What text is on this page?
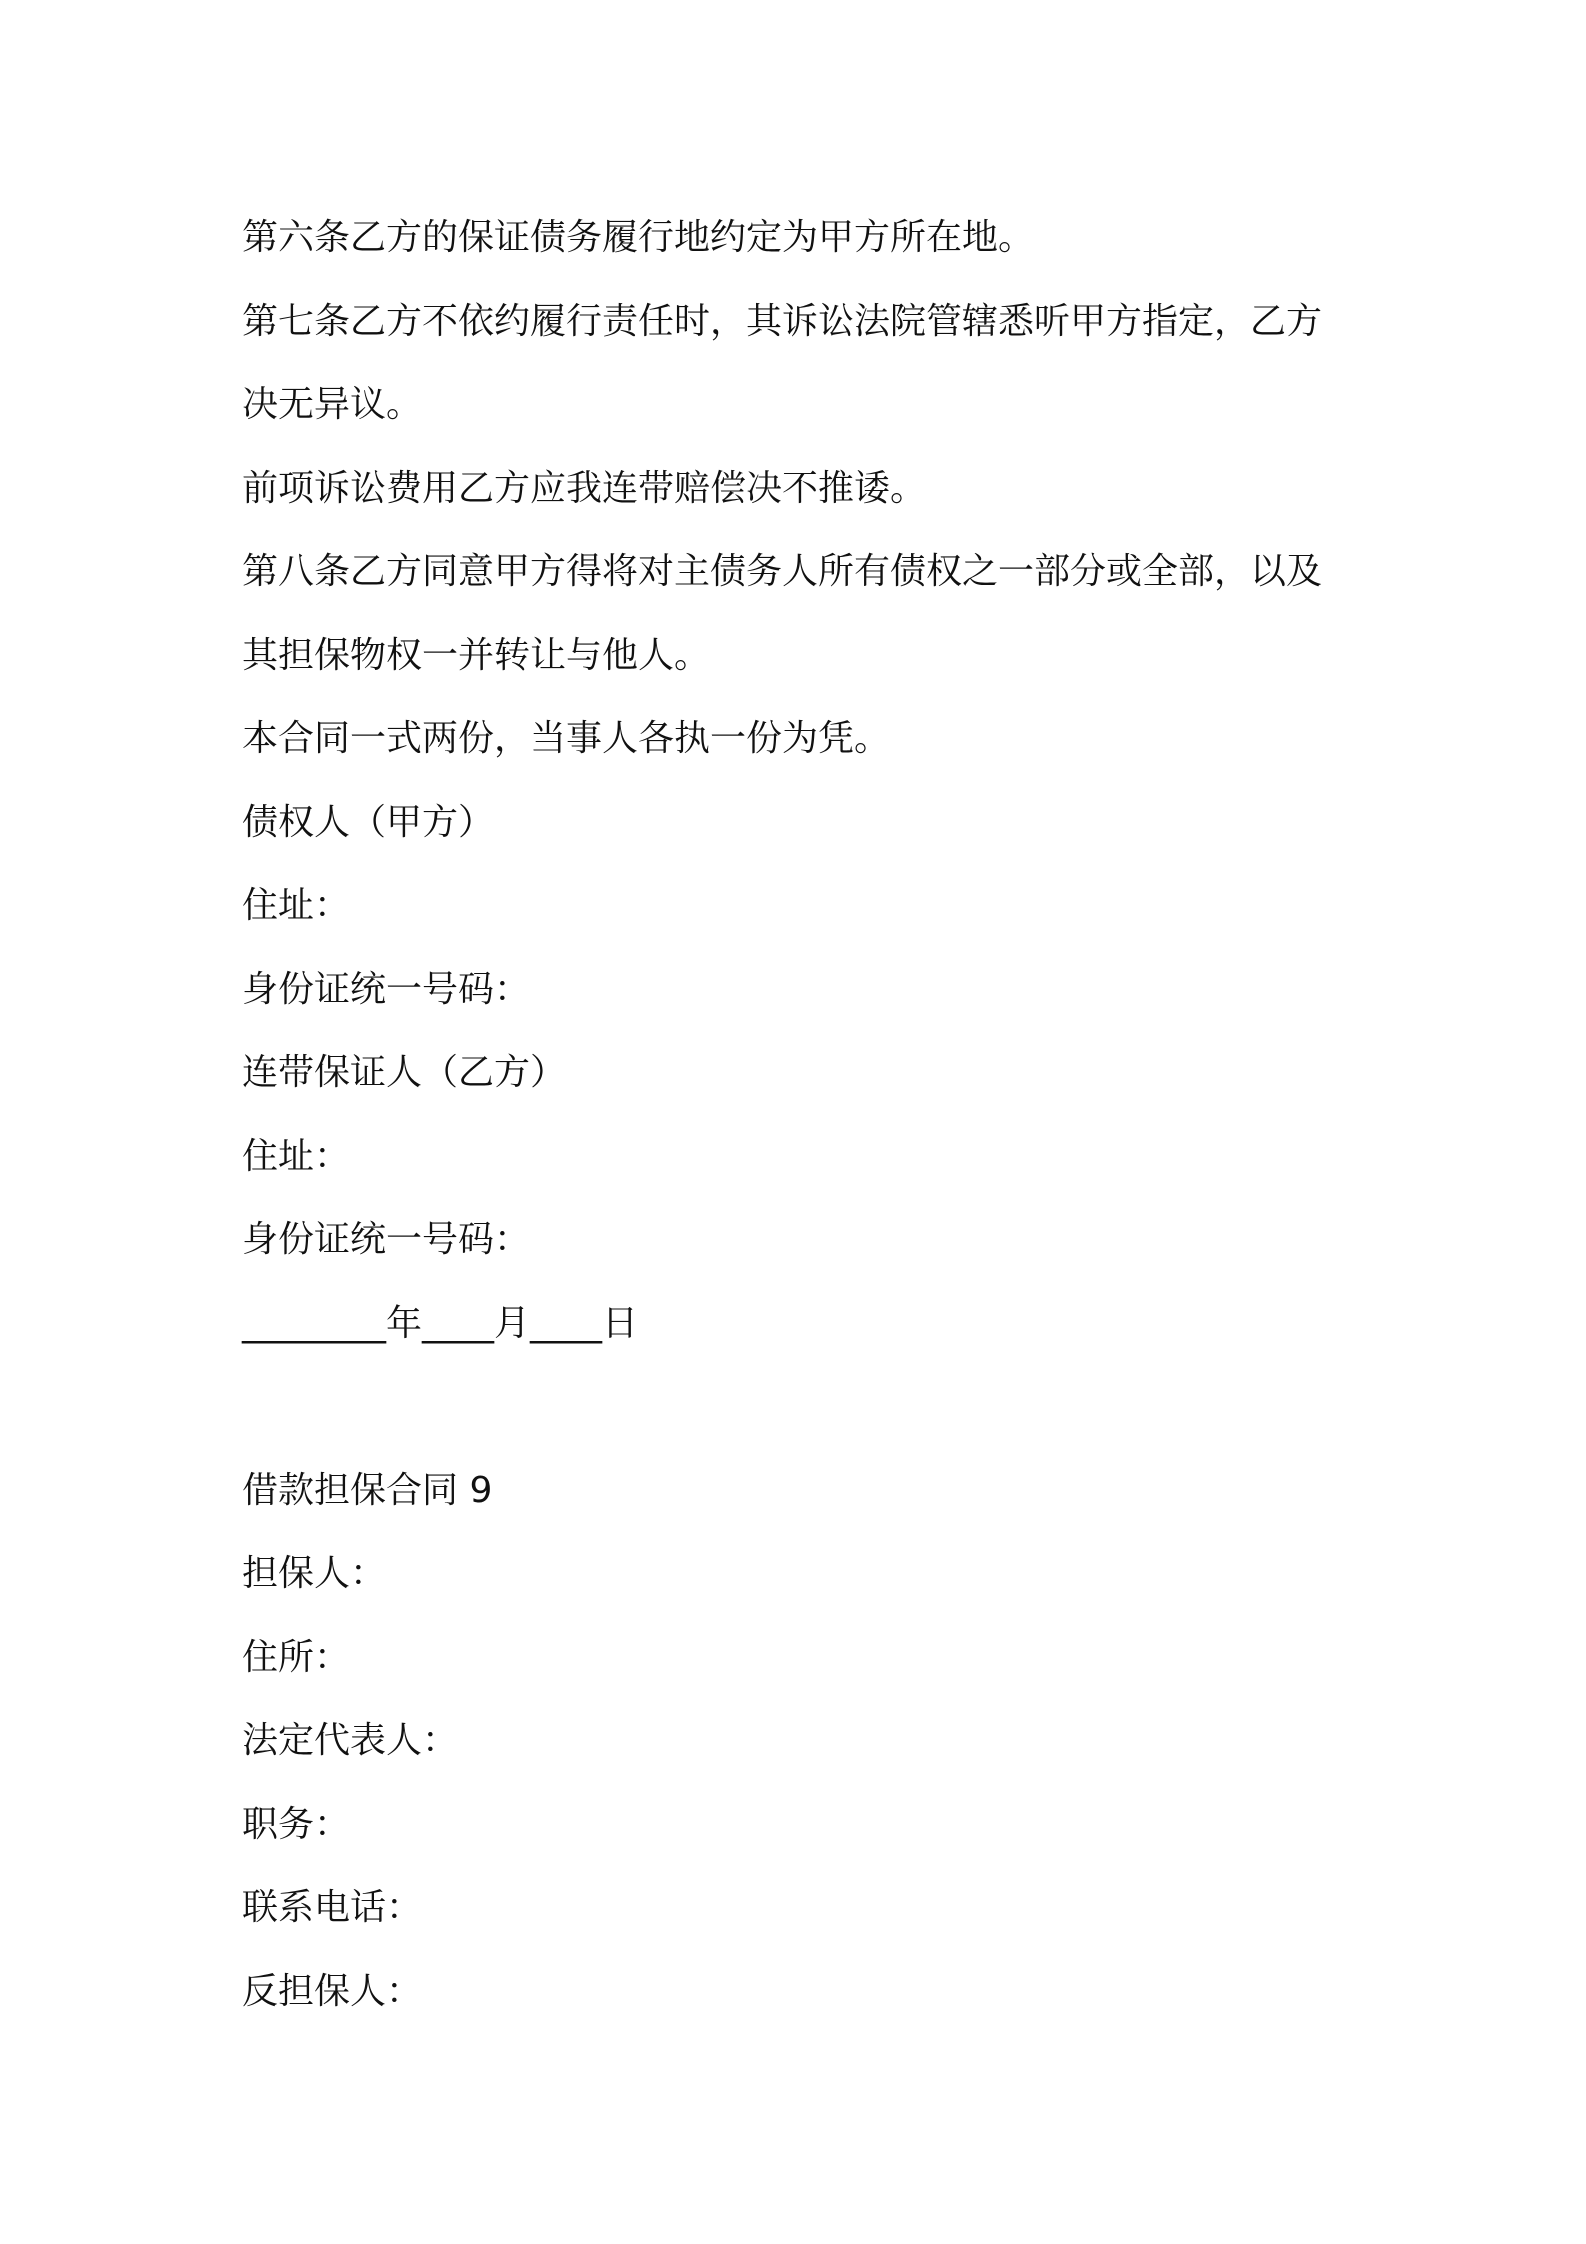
第六条乙方的保证债务履行地约定为甲方所在地。
第七条乙方不依约履行责任时，其诉讼法院管辖悉听甲方指定，乙方
决无异议。
前项诉讼费用乙方应我连带赔偿决不推诿。
第八条乙方同意甲方得将对主债务人所有债权之一部分或全部，以及
其担保物权一并转让与他人。
本合同一式两份，当事人各执一份为凭。
债权人（甲方）
住址：
身份证统一号码：
连带保证人（乙方）
住址：
身份证统一号码：
________年____月____日
借款担保合同 9
担保人：
住所：
法定代表人：
职务：
联系电话：
反担保人：
